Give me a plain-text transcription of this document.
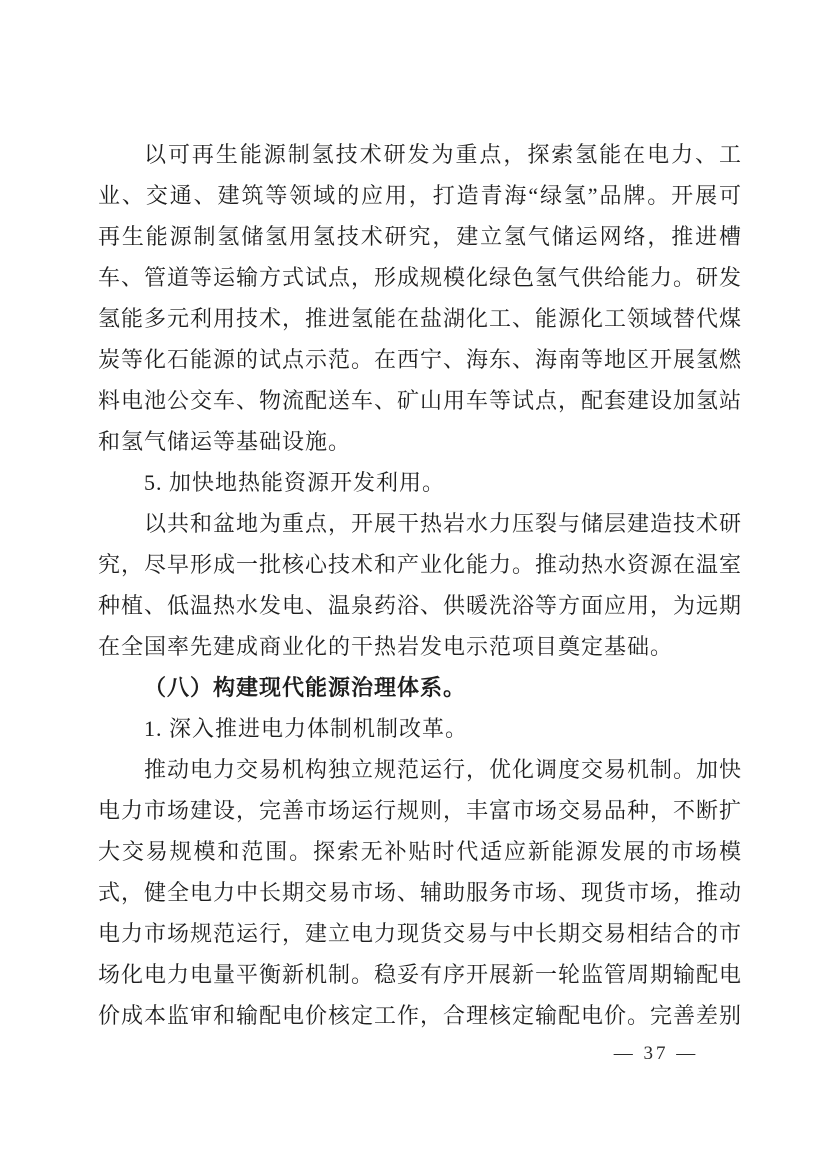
以可再生能源制氢技术研发为重点，探索氢能在电力、工
业、交通、建筑等领域的应用，打造青海“绿氢”品牌。开展可
再生能源制氢储氢用氢技术研究，建立氢气储运网络，推进槽
车、管道等运输方式试点，形成规模化绿色氢气供给能力。研发
氢能多元利用技术，推进氢能在盐湖化工、能源化工领域替代煤
炭等化石能源的试点示范。在西宁、海东、海南等地区开展氢燃
料电池公交车、物流配送车、矿山用车等试点，配套建设加氢站
和氢气储运等基础设施。
5. 加快地热能资源开发利用。
以共和盆地为重点，开展干热岩水力压裂与储层建造技术研
究，尽早形成一批核心技术和产业化能力。推动热水资源在温室
种植、低温热水发电、温泉药浴、供暖洗浴等方面应用，为远期
在全国率先建成商业化的干热岩发电示范项目奠定基础。
（八）构建现代能源治理体系。
1. 深入推进电力体制机制改革。
推动电力交易机构独立规范运行，优化调度交易机制。加快
电力市场建设，完善市场运行规则，丰富市场交易品种，不断扩
大交易规模和范围。探索无补贴时代适应新能源发展的市场模
式，健全电力中长期交易市场、辅助服务市场、现货市场，推动
电力市场规范运行，建立电力现货交易与中长期交易相结合的市
场化电力电量平衡新机制。稳妥有序开展新一轮监管周期输配电
价成本监审和输配电价核定工作，合理核定输配电价。完善差别
— 37 —
